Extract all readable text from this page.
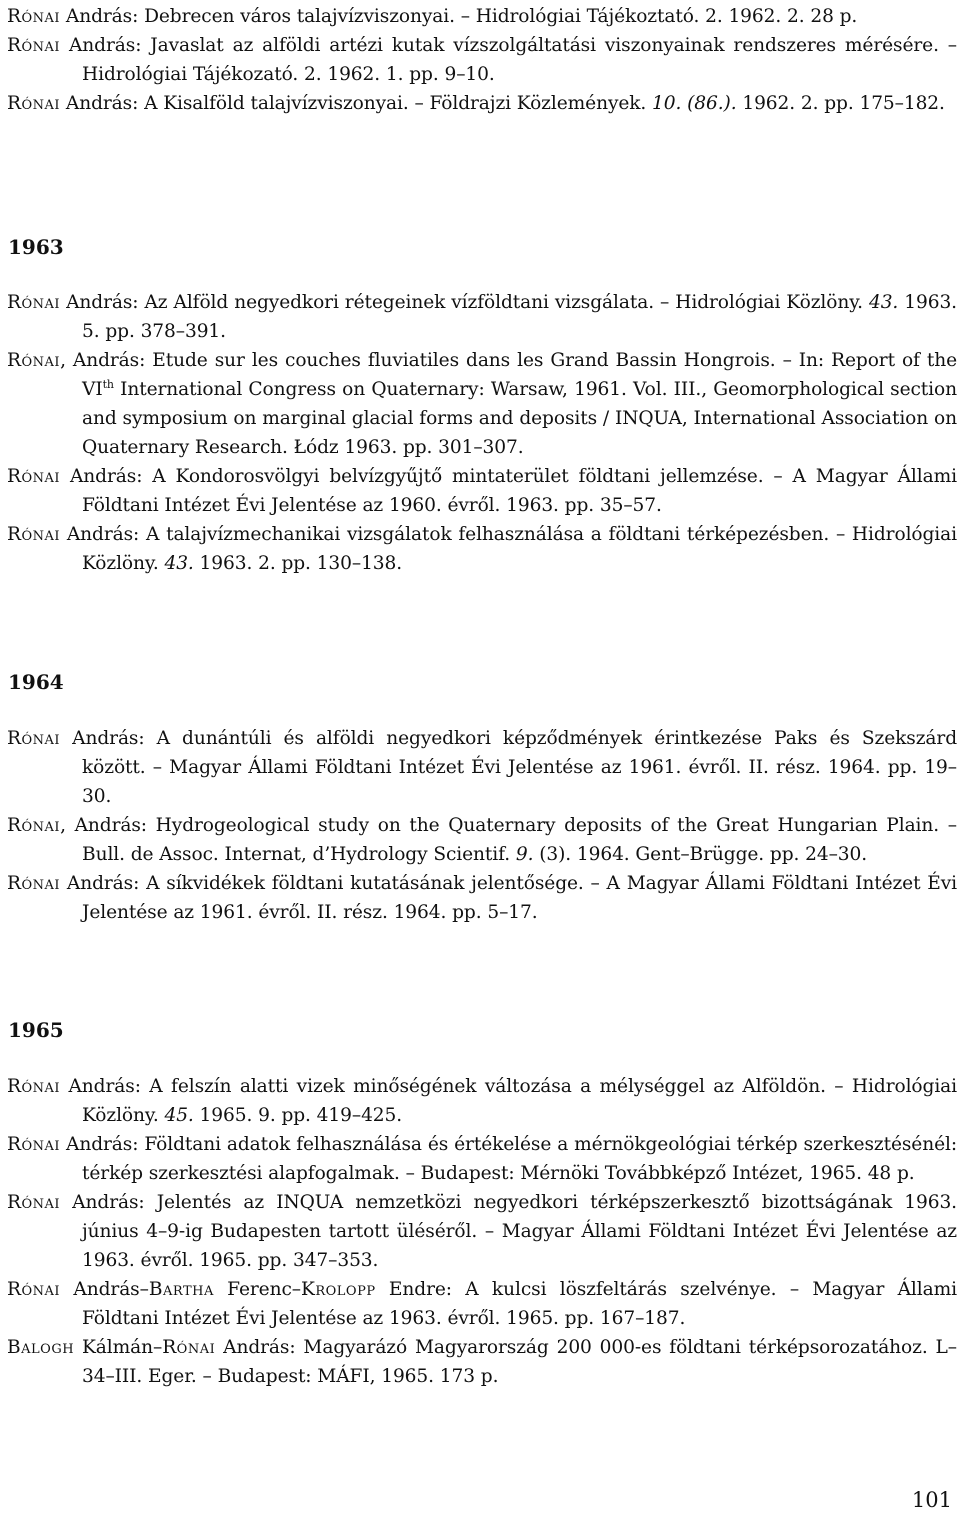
Rónai András: Debrecen város talajvízviszonyai. – Hidrológiai Tájékoztató. 2. 1962. 2. 28 p.
Rónai András: Javaslat az alföldi artézi kutak vízszolgáltatási viszonyainak rendszeres mérésére. – Hidrológiai Tájékozató. 2. 1962. 1. pp. 9–10.
Rónai András: A Kisalföld talajvízviszonyai. – Földrajzi Közlemények. 10. (86.). 1962. 2. pp. 175–182.
1963
Rónai András: Az Alföld negyedkori rétegeinek vízföldtani vizsgálata. – Hidrológiai Közlöny. 43. 1963. 5. pp. 378–391.
Rónai, András: Etude sur les couches fluviatiles dans les Grand Bassin Hongrois. – In: Report of the VIth International Congress on Quaternary: Warsaw, 1961. Vol. III., Geomorphological section and symposium on marginal glacial forms and deposits / INQUA, International Association on Quaternary Research. Łódz 1963. pp. 301–307.
Rónai András: A Kondorosvölgyi belvízgyűjtő mintaterület földtani jellemzése. – A Magyar Állami Földtani Intézet Évi Jelentése az 1960. évről. 1963. pp. 35–57.
Rónai András: A talajvízmechanikai vizsgálatok felhasználása a földtani térképezésben. – Hidrológiai Közlöny. 43. 1963. 2. pp. 130–138.
1964
Rónai András: A dunántúli és alföldi negyedkori képződmények érintkezése Paks és Szekszárd között. – Magyar Állami Földtani Intézet Évi Jelentése az 1961. évről. II. rész. 1964. pp. 19–30.
Rónai, András: Hydrogeological study on the Quaternary deposits of the Great Hungarian Plain. – Bull. de Assoc. Internat, d’Hydrology Scientif. 9. (3). 1964. Gent–Brügge. pp. 24–30.
Rónai András: A síkvidékek földtani kutatásának jelentősége. – A Magyar Állami Földtani Intézet Évi Jelentése az 1961. évről. II. rész. 1964. pp. 5–17.
1965
Rónai András: A felszín alatti vizek minőségének változása a mélységgel az Alföldön. – Hidrológiai Közlöny. 45. 1965. 9. pp. 419–425.
Rónai András: Földtani adatok felhasználása és értékelése a mérnökgeológiai térkép szerkesztésénél: térkép szerkesztési alapfogalmak. – Budapest: Mérnöki Továbbképző Intézet, 1965. 48 p.
Rónai András: Jelentés az INQUA nemzetközi negyedkori térképszerkesztő bizottságának 1963. június 4–9-ig Budapesten tartott üléséről. – Magyar Állami Földtani Intézet Évi Jelentése az 1963. évről. 1965. pp. 347–353.
Rónai András–Bartha Ferenc–Krolopp Endre: A kulcsi löszfeltárás szelvénye. – Magyar Állami Földtani Intézet Évi Jelentése az 1963. évről. 1965. pp. 167–187.
Balogh Kálmán–Rónai András: Magyarázó Magyarország 200 000-es földtani térképsorozatához. L–34–III. Eger. – Budapest: MÁFI, 1965. 173 p.
101
